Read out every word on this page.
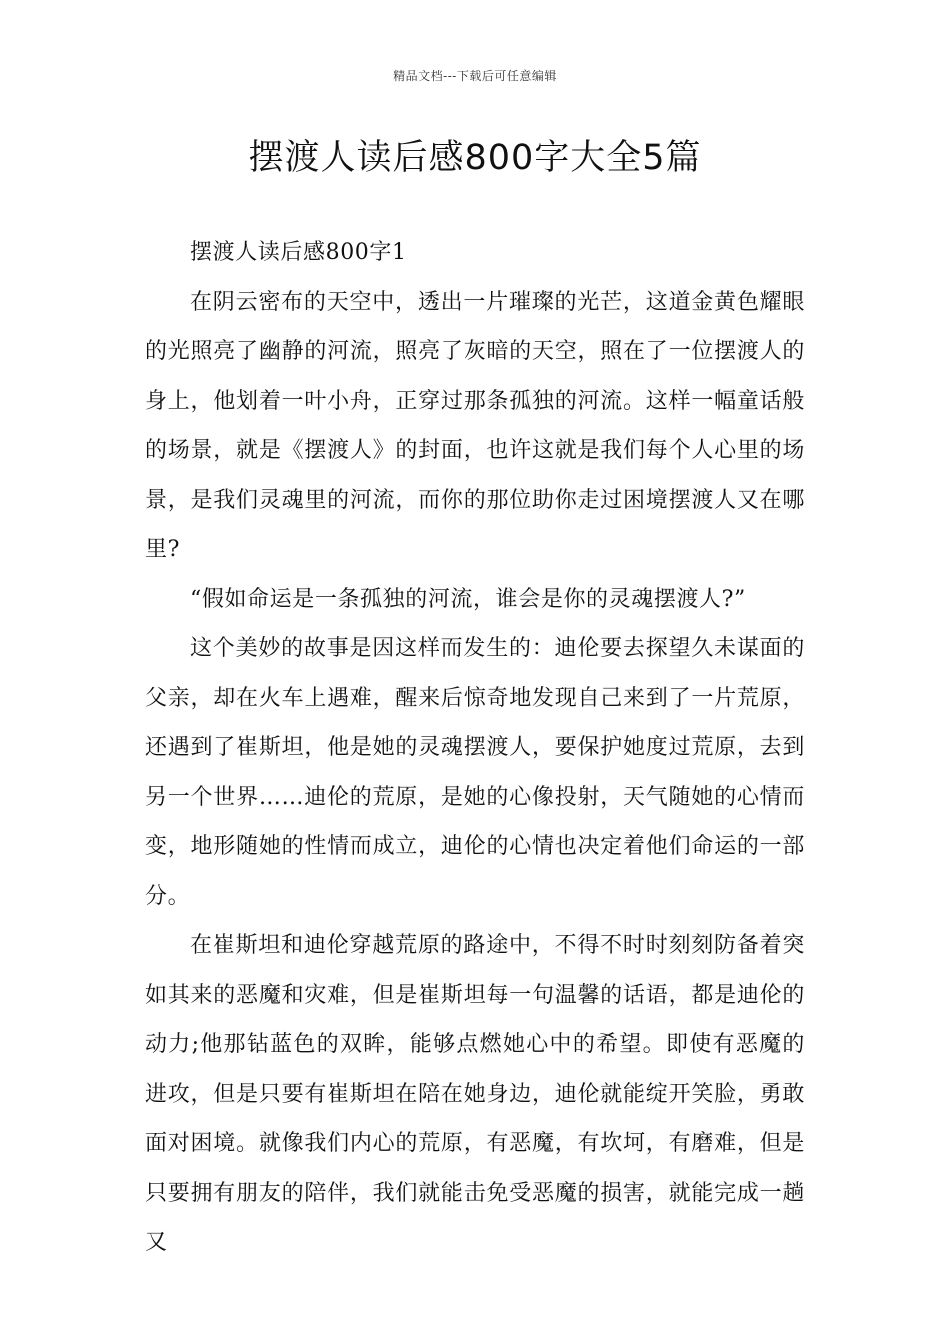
精品文档---下载后可任意编辑
摆渡人读后感800字大全5篇

摆渡人读后感800字1

在阴云密布的天空中，透出一片璀璨的光芒，这道金黄色耀眼的光照亮了幽静的河流，照亮了灰暗的天空，照在了一位摆渡人的身上，他划着一叶小舟，正穿过那条孤独的河流。这样一幅童话般的场景，就是《摆渡人》的封面，也许这就是我们每个人心里的场景，是我们灵魂里的河流，而你的那位助你走过困境摆渡人又在哪里?

“假如命运是一条孤独的河流，谁会是你的灵魂摆渡人?”

这个美妙的故事是因这样而发生的：迪伦要去探望久未谋面的父亲，却在火车上遇难，醒来后惊奇地发现自己来到了一片荒原，还遇到了崔斯坦，他是她的灵魂摆渡人，要保护她度过荒原，去到另一个世界……迪伦的荒原，是她的心像投射，天气随她的心情而变，地形随她的性情而成立，迪伦的心情也决定着他们命运的一部分。

在崔斯坦和迪伦穿越荒原的路途中，不得不时时刻刻防备着突如其来的恶魔和灾难，但是崔斯坦每一句温馨的话语，都是迪伦的动力;他那钻蓝色的双眸，能够点燃她心中的希望。即使有恶魔的进攻，但是只要有崔斯坦在陪在她身边，迪伦就能绽开笑脸，勇敢面对困境。就像我们内心的荒原，有恶魔，有坎坷，有磨难，但是只要拥有朋友的陪伴，我们就能击免受恶魔的损害，就能完成一趟又
